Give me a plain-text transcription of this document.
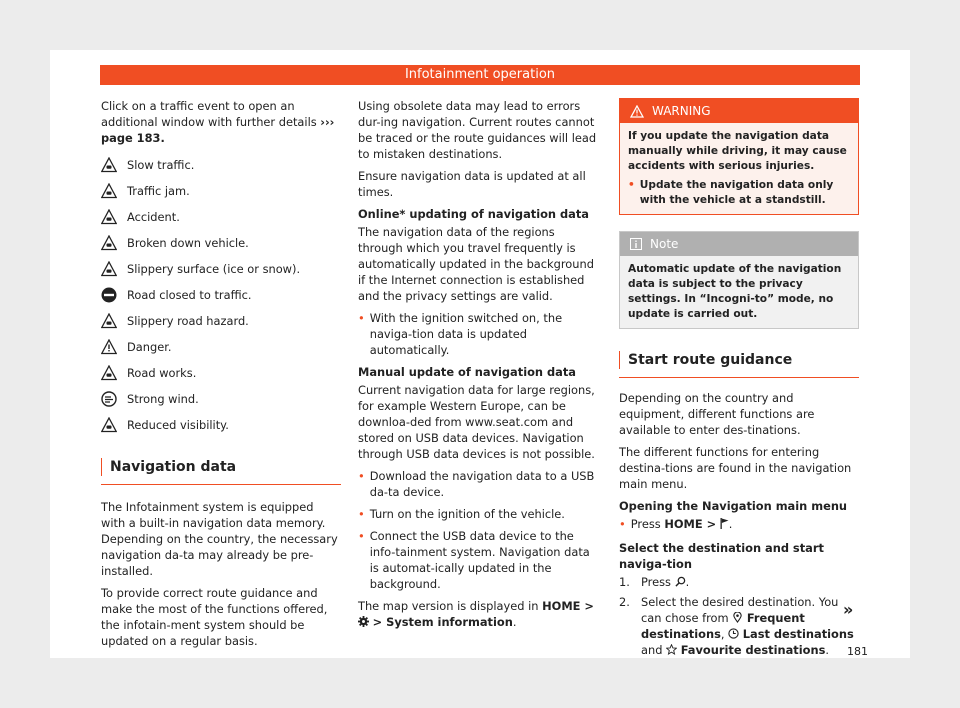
Infotainment operation

Click on a traffic event to open an additional window with further details ››› page 183.

Slow traffic.
Traffic jam.
Accident.
Broken down vehicle.
Slippery surface (ice or snow).
Road closed to traffic.
Slippery road hazard.
Danger.
Road works.
Strong wind.
Reduced visibility.
Navigation data

The Infotainment system is equipped with a built-in navigation data memory. Depending on the country, the necessary navigation da-ta may already be pre-installed.

To provide correct route guidance and make the most of the functions offered, the infotain-ment system should be updated on a regular basis.

Using obsolete data may lead to errors dur-ing navigation. Current routes cannot be traced or the route guidances will lead to mistaken destinations.

Ensure navigation data is updated at all times.

Online* updating of navigation data

The navigation data of the regions through which you travel frequently is automatically updated in the background if the Internet connection is established and the privacy settings are valid.

• With the ignition switched on, the naviga-tion data is updated automatically.
Manual update of navigation data

Current navigation data for large regions, for example Western Europe, can be downloa-ded from www.seat.com and stored on USB data devices. Navigation through USB data devices is not possible.

• Download the navigation data to a USB da-ta device.
• Turn on the ignition of the vehicle.
• Connect the USB data device to the info-tainment system. Navigation data is automat-ically updated in the background.

The map version is displayed in HOME >  > System information.

WARNING
If you update the navigation data manually while driving, it may cause accidents with serious injuries.
• Update the navigation data only with the vehicle at a standstill.
Note
Automatic update of the navigation data is subject to the privacy settings. In “Incogni-to” mode, no update is carried out.
Start route guidance

Depending on the country and equipment, different functions are available to enter des-tinations.

The different functions for entering destina-tions are found in the navigation main menu.

Opening the Navigation main menu
• Press HOME > .
Select the destination and start naviga-tion
1. Press .
2. Select the desired destination. You can chose from Frequent destinations, Last destinations and Favourite destinations.
»
181
